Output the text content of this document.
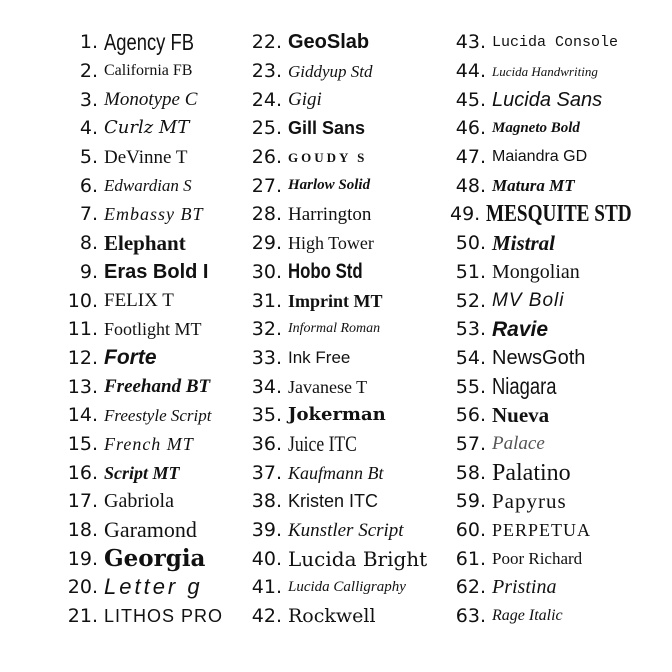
1. Agency FB
2. California FB
3. Monotype C
4. Curlz MT
5. DeVinne T
6. Edwardian S
7. Embassy BT
8. Elephant
9. Eras Bold I
10. FELIX T
11. Footlight MT
12. Forte
13. Freehand BT
14. Freestyle Script
15. French MT
16. Script MT
17. Gabriola
18. Garamond
19. Georgia
20. Letter g
21. LITHOS PRO
22. GeoSlab
23. Giddyup Std
24. Gigi
25. Gill Sans
26. GOUDY S
27. Harlow Solid
28. Harrington
29. High Tower
30. Hobo Std
31. Imprint MT
32. Informal Roman
33. Ink Free
34. Javanese T
35. Jokerman
36. Juice ITC
37. Kaufmann Bt
38. Kristen ITC
39. Kunstler Script
40. Lucida Bright
41. Lucida Calligraphy
42. Rockwell
43. Lucida Console
44. Lucida Handwriting
45. Lucida Sans
46. Magneto Bold
47. Maiandra GD
48. Matura MT
49. MESQUITE STD
50. Mistral
51. Mongolian
52. MV Boli
53. Ravie
54. NewsGoth
55. Niagara
56. Nueva
57. Palace
58. Palatino
59. Papyrus
60. PERPETUA
61. Poor Richard
62. Pristina
63. Rage Italic
